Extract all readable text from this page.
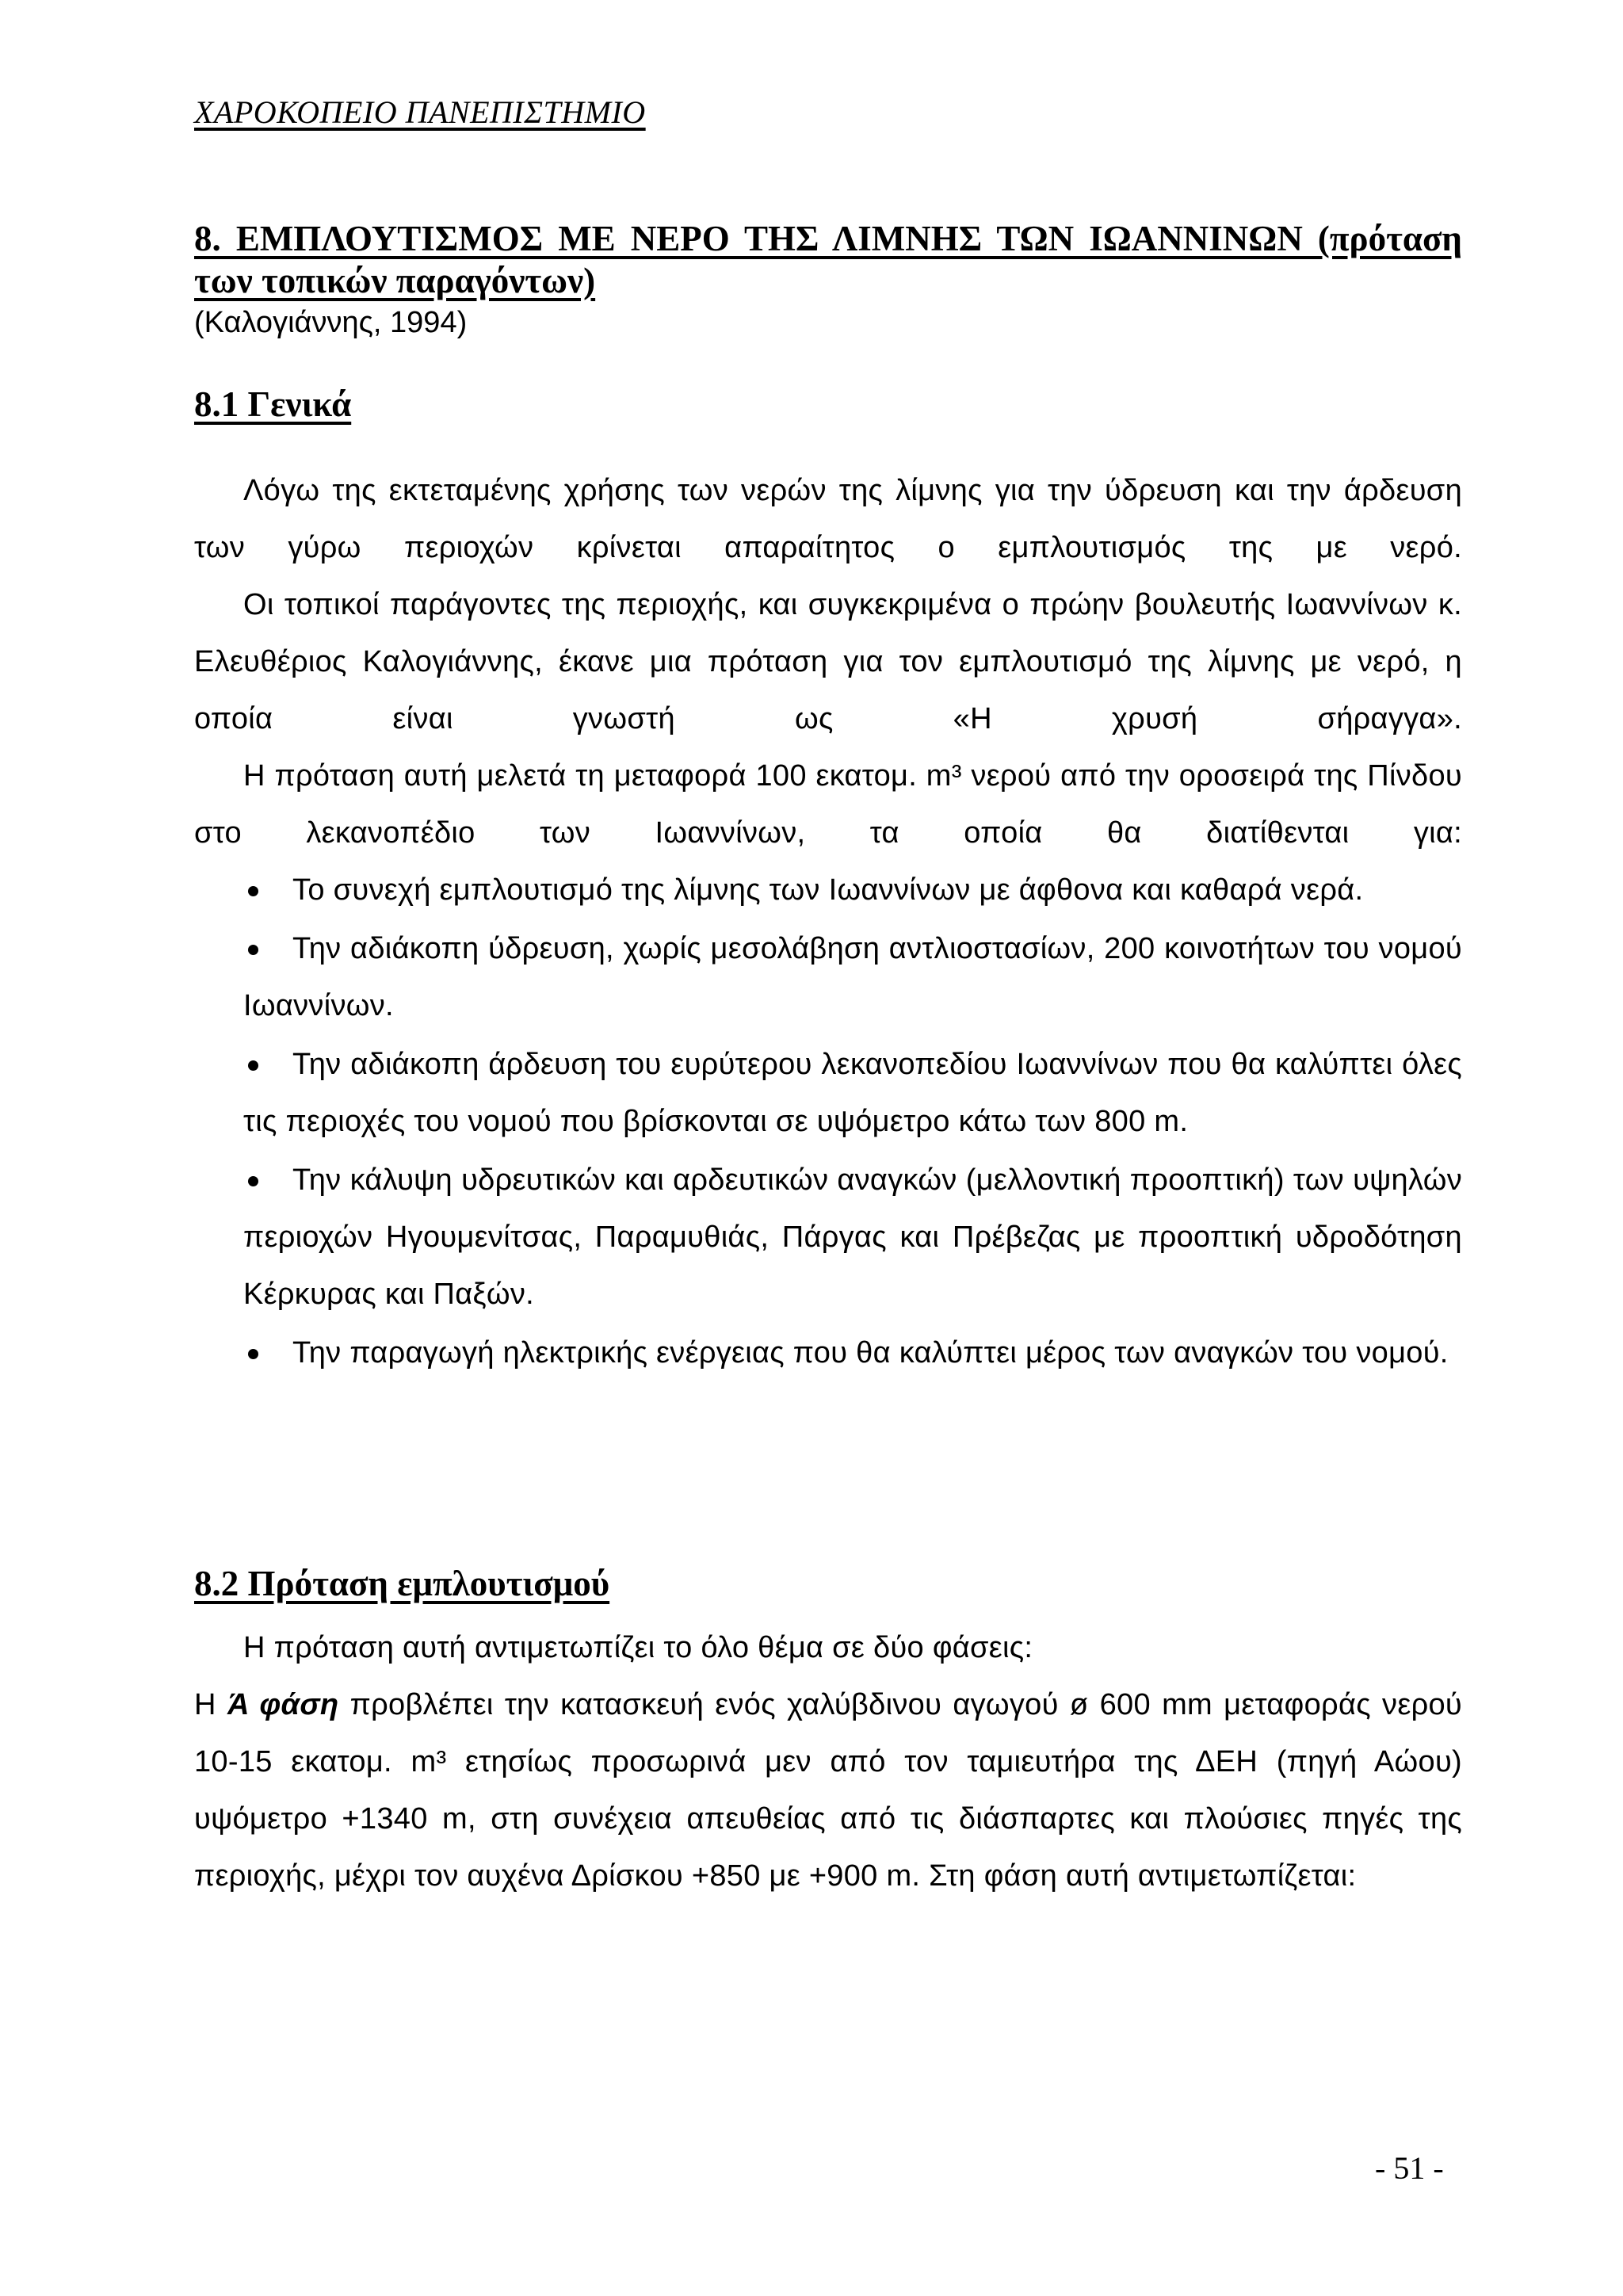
ΧΑΡΟΚΟΠΕΙΟ ΠΑΝΕΠΙΣΤΗΜΙΟ
8. ΕΜΠΛΟΥΤΙΣΜΟΣ ΜΕ ΝΕΡΟ ΤΗΣ ΛΙΜΝΗΣ ΤΩΝ ΙΩΑΝΝΙΝΩΝ (πρόταση των τοπικών παραγόντων)
(Καλογιάννης, 1994)
8.1 Γενικά
Λόγω της εκτεταμένης χρήσης των νερών της λίμνης για την ύδρευση και την άρδευση των γύρω περιοχών κρίνεται απαραίτητος ο εμπλουτισμός της με νερό.
Οι τοπικοί παράγοντες της περιοχής, και συγκεκριμένα ο πρώην βουλευτής Ιωαννίνων κ. Ελευθέριος Καλογιάννης, έκανε μια πρόταση για τον εμπλουτισμό της λίμνης με νερό, η οποία είναι γνωστή ως «Η χρυσή σήραγγα».
Η πρόταση αυτή μελετά τη μεταφορά 100 εκατομ. m³ νερού από την οροσειρά της Πίνδου στο λεκανοπέδιο των Ιωαννίνων, τα οποία θα διατίθενται για:
Το συνεχή εμπλουτισμό της λίμνης των Ιωαννίνων με άφθονα και καθαρά νερά.
Την αδιάκοπη ύδρευση, χωρίς μεσολάβηση αντλιοστασίων, 200 κοινοτήτων του νομού Ιωαννίνων.
Την αδιάκοπη άρδευση του ευρύτερου λεκανοπεδίου Ιωαννίνων που θα καλύπτει όλες τις περιοχές του νομού που βρίσκονται σε υψόμετρο κάτω των 800 m.
Την κάλυψη υδρευτικών και αρδευτικών αναγκών (μελλοντική προοπτική) των υψηλών περιοχών Ηγουμενίτσας, Παραμυθιάς, Πάργας και Πρέβεζας με προοπτική υδροδότηση Κέρκυρας και Παξών.
Την παραγωγή ηλεκτρικής ενέργειας που θα καλύπτει μέρος των αναγκών του νομού.
8.2 Πρόταση εμπλουτισμού
Η πρόταση αυτή αντιμετωπίζει το όλο θέμα σε δύο φάσεις:
Η Ά φάση προβλέπει την κατασκευή ενός χαλύβδινου αγωγού ø 600 mm μεταφοράς νερού 10-15 εκατομ. m³ ετησίως προσωρινά μεν από τον ταμιευτήρα της ΔΕΗ (πηγή Αώου) υψόμετρο +1340 m, στη συνέχεια απευθείας από τις διάσπαρτες και πλούσιες πηγές της περιοχής, μέχρι τον αυχένα Δρίσκου +850 με +900 m. Στη φάση αυτή αντιμετωπίζεται:
- 51 -
